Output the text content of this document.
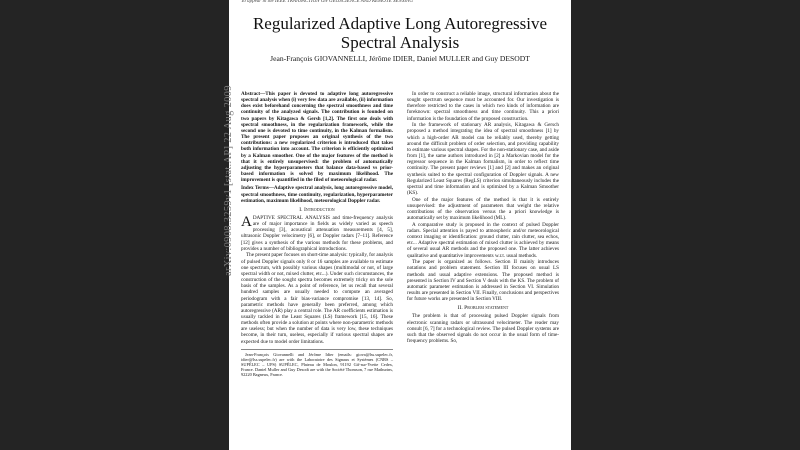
To appear in the IEEE TRANSACTION ON GEOSCIENCE AND REMOTE SENSING
arXiv:0908.3259v1 [stat.AP] 22 Aug 2009
Regularized Adaptive Long Autoregressive Spectral Analysis
Jean-François GIOVANNELLI, Jérôme IDIER, Daniel MULLER and Guy DESODT

Abstract—This paper is devoted to adaptive long autoregressive spectral analysis when (i) very few data are available, (ii) information does exist beforehand concerning the spectral smoothness and time continuity of the analyzed signals. The contribution is founded on two papers by Kitagawa & Gersh [1,2]. The first one deals with spectral smoothness, in the regularization framework, while the second one is devoted to time continuity, in the Kalman formalism. The present paper proposes an original synthesis of the two contributions: a new regularized criterion is introduced that takes both information into account. The criterion is efficiently optimized by a Kalman smoother. One of the major features of the method is that it is entirely unsupervised: the problem of automatically adjusting the hyperparameters that balance data-based vs prior-based information is solved by maximum likelihood. The improvement is quantified in the filed of meteorological radar.

Index Terms—Adaptive spectral analysis, long autoregressive model, spectral smoothness, time continuity, regularization, hyperparameter estimation, maximum likelihood, meteorological Doppler radar.

I. Introduction

ADAPTIVE SPECTRAL ANALYSIS and time-frequency analysis are of major importance in fields as widely varied as speech processing [3], acoustical attenuation measurements [4, 5], ultrasonic Doppler velocimetry [6], or Doppler radars [7–11]. Reference [12] gives a synthesis of the various methods for these problems, and provides a number of bibliographical introductions.

The present paper focuses on short-time analysis: typically, for analysis of pulsed Doppler signals only 8 or 16 samples are available to estimate one spectrum, with possibly various shapes (multimodal or not, of large spectral width or not, mixed clutter, etc...). Under such circumstances, the construction of the sought spectra becomes extremely tricky on the sole basis of the samples. As a point of reference, let us recall that several hundred samples are usually needed to compute an averaged periodogram with a fair bias-variance compromise [13, 14]. So, parametric methods have generally been preferred, among which autoregressive (AR) play a central role. The AR coefficients estimation is usually tackled in the Least Squares (LS) framework [15, 16]. These methods often provide a solution at points where non-parametric methods are useless; but when the number of data is very low, these techniques become, in their turn, useless, especially if various spectral shapes are expected due to model order limitations.

Jean-François Giovannelli and Jérôme Idier (emails: giova@lss.supelec.fr, idier@lss.supelec.fr) are with the Laboratoire des Signaux et Systèmes (CNRS – SUPÉLEC – UPS) SUPÉLEC, Plateau de Moulon, 91192 Gif-sur-Yvette Cedex, France. Daniel Muller and Guy Desodt are with the Société Thomson, 7 rue Mathurins, 92220 Bagneux, France.

In order to construct a reliable image, structural information about the sought spectrum sequence must be accounted for. Our investigation is therefore restricted to the cases in which two kinds of information are foreknown: spectral smoothness and time continuity. This a priori information is the foundation of the proposed construction.

In the framework of stationary AR analysis, Kitagawa & Gersch proposed a method integrating the idea of spectral smoothness [1] by which a high-order AR model can be reliably used, thereby getting around the difficult problem of order selection, and providing capability to estimate various spectral shapes. For the non-stationary case, and aside from [1], the same authors introduced in [2] a Markovian model for the regressor sequence in the Kalman formalism, in order to reflect time continuity. The present paper reviews [1] and [2] and makes an original synthesis suited to the spectral configuration of Doppler signals. A new Regularized Least Squares (RegLS) criterion simultaneously includes the spectral and time information and is optimized by a Kalman Smoother (KS).

One of the major features of the method is that it is entirely unsupervised: the adjustment of parameters that weight the relative contributions of the observation versus the a priori knowledge is automatically set by maximum likelihood (ML).

A comparative study is proposed in the context of pulsed Doppler radars. Special attention is payed to atmospheric and/or meteorological context imaging or identification: ground clutter, rain clutter, sea echos, etc... Adaptive spectral estimation of mixed clutter is achieved by means of several usual AR methods and the proposed one. The latter achieves qualitative and quantitative improvements w.r.t. usual methods.

The paper is organized as follows. Section II mainly introduces notations and problem statement. Section III focuses on usual LS methods and usual adaptive extensions. The proposed method is presented in Section IV and Section V deals with the KS. The problem of automatic parameter estimation is addressed in Section VI. Simulation results are presented in Section VII. Finally, conclusions and perspectives for future works are presented in Section VIII.

II. Problem statement

The problem is that of processing pulsed Doppler signals from electronic scanning radars or ultrasound velocimeter. The reader may consult [6, 7] for a technological review. The pulsed Doppler systems are such that the observed signals do not occur in the usual form of time-frequency problems. So,
